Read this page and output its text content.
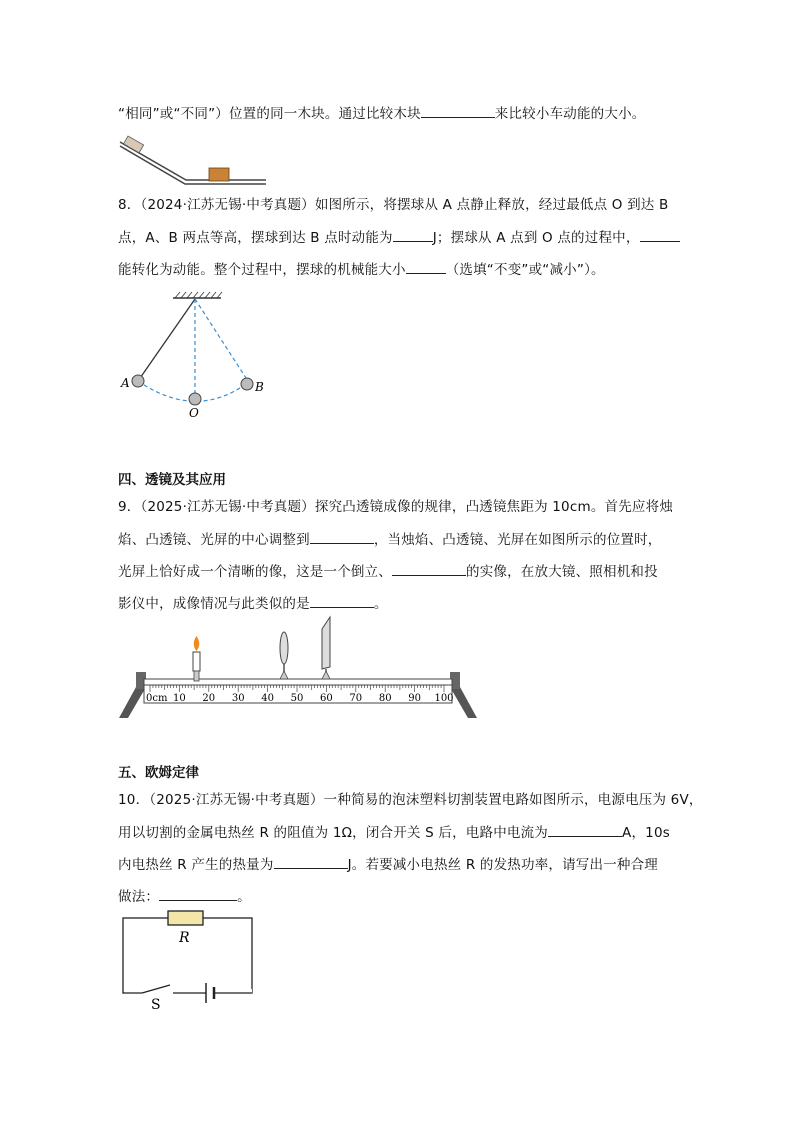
“相同”或“不同”）位置的同一木块。通过比较木块	来比较小车动能的大小。
8．（2024·江苏无锡·中考真题）如图所示，将摆球从 A 点静止释放，经过最低点 O 到达 B
点，A、B 两点等高，摆球到达 B 点时动能为	J；摆球从 A 点到 O 点的过程中，
能转化为动能。整个过程中，摆球的机械能大小	（选填“不变”或“减小”）。
四、透镜及其应用
9．（2025·江苏无锡·中考真题）探究凸透镜成像的规律，凸透镜焦距为 10cm。首先应将烛
焰、凸透镜、光屏的中心调整到	，当烛焰、凸透镜、光屏在如图所示的位置时，
光屏上恰好成一个清晰的像，这是一个倒立、	的实像，在放大镜、照相机和投
影仪中，成像情况与此类似的是	。
五、欧姆定律
10．（2025·江苏无锡·中考真题）一种简易的泡沫塑料切割装置电路如图所示，电源电压为 6V，
用以切割的金属电热丝 R 的阻值为 1Ω，闭合开关 S 后，电路中电流为	A，10s
内电热丝 R 产生的热量为	J。若要减小电热丝 R 的发热功率，请写出一种合理
做法：	。
A	B
O
0cm 10 20 30 40 50 60 70 80 90 100
R
S
